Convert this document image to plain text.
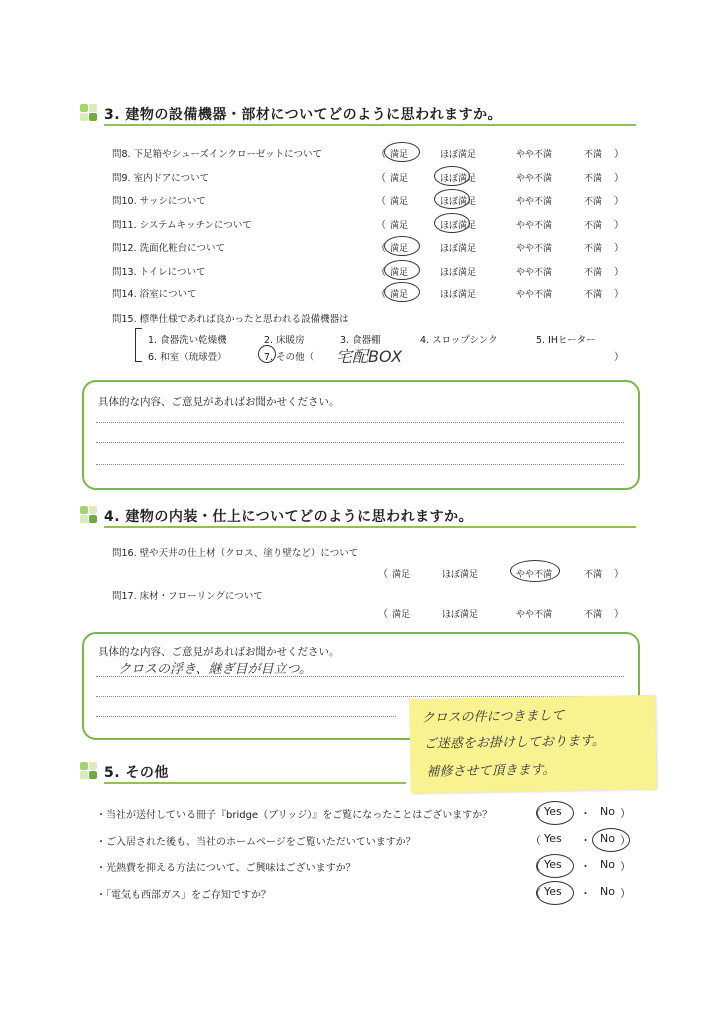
3. 建物の設備機器・部材についてどのように思われますか。
問8. 下足箱やシューズインクローゼットについて	（	）
満足	ほぼ満足	やや不満	不満
問9. 室内ドアについて	（	）
満足	ほぼ満足	やや不満	不満
問10. サッシについて	（	）
満足	ほぼ満足	やや不満	不満
問11. システムキッチンについて	（	）
満足	ほぼ満足	やや不満	不満
問12. 洗面化粧台について	（	）
満足	ほぼ満足	やや不満	不満
問13. トイレについて	（	）
満足	ほぼ満足	やや不満	不満
問14. 浴室について	（	）
満足	ほぼ満足	やや不満	不満
問15. 標準仕様であれば良かったと思われる設備機器は
1. 食器洗い乾燥機	2. 床暖房	3. 食器棚	4. スロップシンク	5. IHヒーター
6. 和室（琉球畳）	7. その他（ 宅配BOX	）
具体的な内容、ご意見があればお聞かせください。
4. 建物の内装・仕上についてどのように思われますか。
問16. 壁や天井の仕上材（クロス、塗り壁など）について
（	）
満足	ほぼ満足	やや不満	不満
問17. 床材・フローリングについて
（	）
満足	ほぼ満足	やや不満	不満
具体的な内容、ご意見があればお聞かせください。
クロスの浮き、継ぎ目が目立つ。
クロスの件につきまして
ご迷惑をお掛けしております。
補修させて頂きます。
5. その他
・当社が送付している冊子『bridge（ブリッジ）』をご覧になったことはございますか？	（ Yes ・ No ）
・ご入居された後も、当社のホームページをご覧いただいていますか？	（ Yes ・ No ）
・光熱費を抑える方法について、ご興味はございますか？	（ Yes ・ No ）
・「電気も西部ガス」をご存知ですか？	（ Yes ・ No ）
